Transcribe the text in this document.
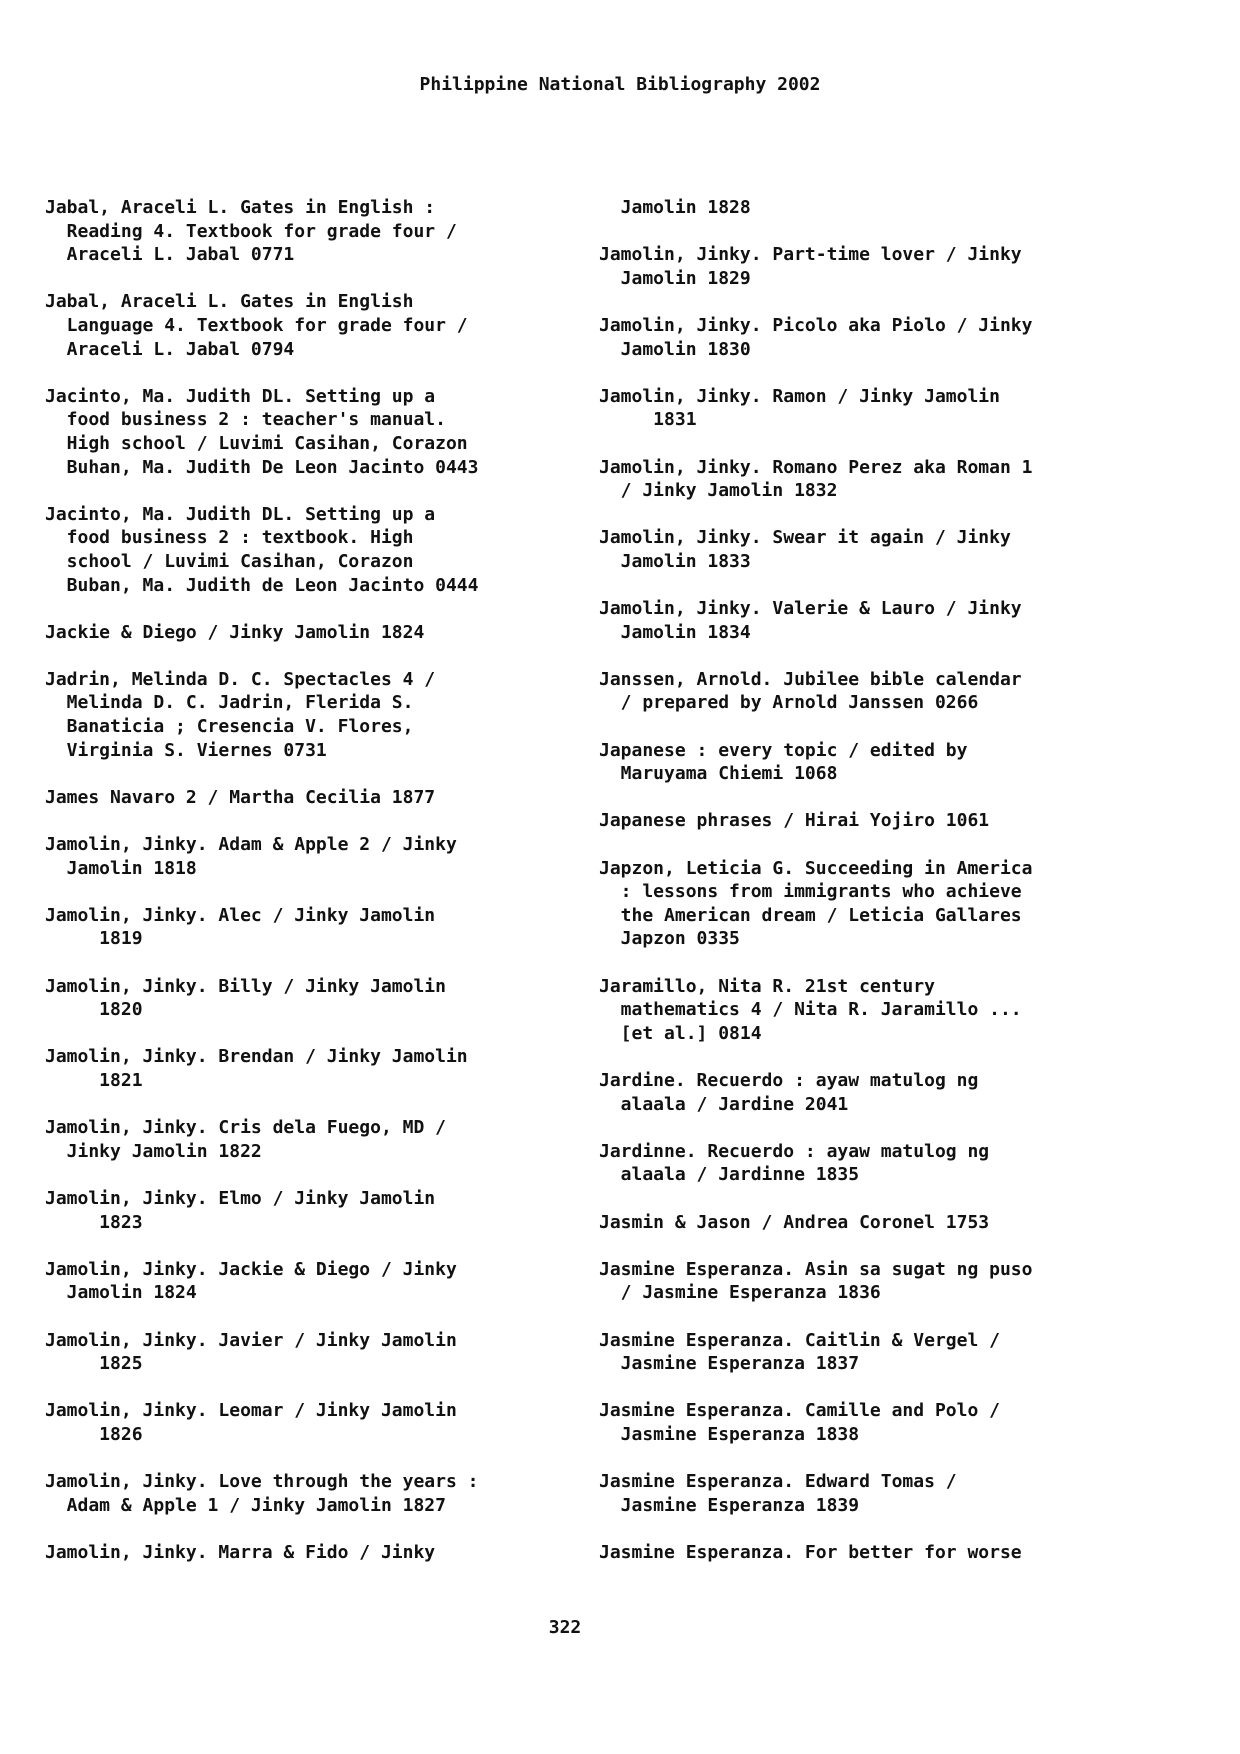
Philippine National Bibliography 2002
Jabal, Araceli L. Gates in English :
Reading 4. Textbook for grade four /
Araceli L. Jabal 0771
Jabal, Araceli L. Gates in English
Language 4. Textbook for grade four /
Araceli L. Jabal 0794
Jacinto, Ma. Judith DL. Setting up a
food business 2 : teacher's manual.
High school / Luvimi Casihan, Corazon
Buhan, Ma. Judith De Leon Jacinto 0443
Jacinto, Ma. Judith DL. Setting up a
food business 2 : textbook. High
school / Luvimi Casihan, Corazon
Buban, Ma. Judith de Leon Jacinto 0444
Jackie & Diego / Jinky Jamolin 1824
Jadrin, Melinda D. C. Spectacles 4 /
Melinda D. C. Jadrin, Flerida S.
Banaticia ; Cresencia V. Flores,
Virginia S. Viernes 0731
James Navaro 2 / Martha Cecilia 1877
Jamolin, Jinky. Adam & Apple 2 / Jinky
Jamolin 1818
Jamolin, Jinky. Alec / Jinky Jamolin
1819
Jamolin, Jinky. Billy / Jinky Jamolin
1820
Jamolin, Jinky. Brendan / Jinky Jamolin
1821
Jamolin, Jinky. Cris dela Fuego, MD /
Jinky Jamolin 1822
Jamolin, Jinky. Elmo / Jinky Jamolin
1823
Jamolin, Jinky. Jackie & Diego / Jinky
Jamolin 1824
Jamolin, Jinky. Javier / Jinky Jamolin
1825
Jamolin, Jinky. Leomar / Jinky Jamolin
1826
Jamolin, Jinky. Love through the years :
Adam & Apple 1 / Jinky Jamolin 1827
Jamolin, Jinky. Marra & Fido / Jinky
Jamolin 1828
Jamolin, Jinky. Part-time lover / Jinky
Jamolin 1829
Jamolin, Jinky. Picolo aka Piolo / Jinky
Jamolin 1830
Jamolin, Jinky. Ramon / Jinky Jamolin
1831
Jamolin, Jinky. Romano Perez aka Roman 1
/ Jinky Jamolin 1832
Jamolin, Jinky. Swear it again / Jinky
Jamolin 1833
Jamolin, Jinky. Valerie & Lauro / Jinky
Jamolin 1834
Janssen, Arnold. Jubilee bible calendar
/ prepared by Arnold Janssen 0266
Japanese : every topic / edited by
Maruyama Chiemi 1068
Japanese phrases / Hirai Yojiro 1061
Japzon, Leticia G. Succeeding in America
: lessons from immigrants who achieve
the American dream / Leticia Gallares
Japzon 0335
Jaramillo, Nita R. 21st century
mathematics 4 / Nita R. Jaramillo ...
[et al.] 0814
Jardine. Recuerdo : ayaw matulog ng
alaala / Jardine 2041
Jardinne. Recuerdo : ayaw matulog ng
alaala / Jardinne 1835
Jasmin & Jason / Andrea Coronel 1753
Jasmine Esperanza. Asin sa sugat ng puso
/ Jasmine Esperanza 1836
Jasmine Esperanza. Caitlin & Vergel /
Jasmine Esperanza 1837
Jasmine Esperanza. Camille and Polo /
Jasmine Esperanza 1838
Jasmine Esperanza. Edward Tomas /
Jasmine Esperanza 1839
Jasmine Esperanza. For better for worse
322
